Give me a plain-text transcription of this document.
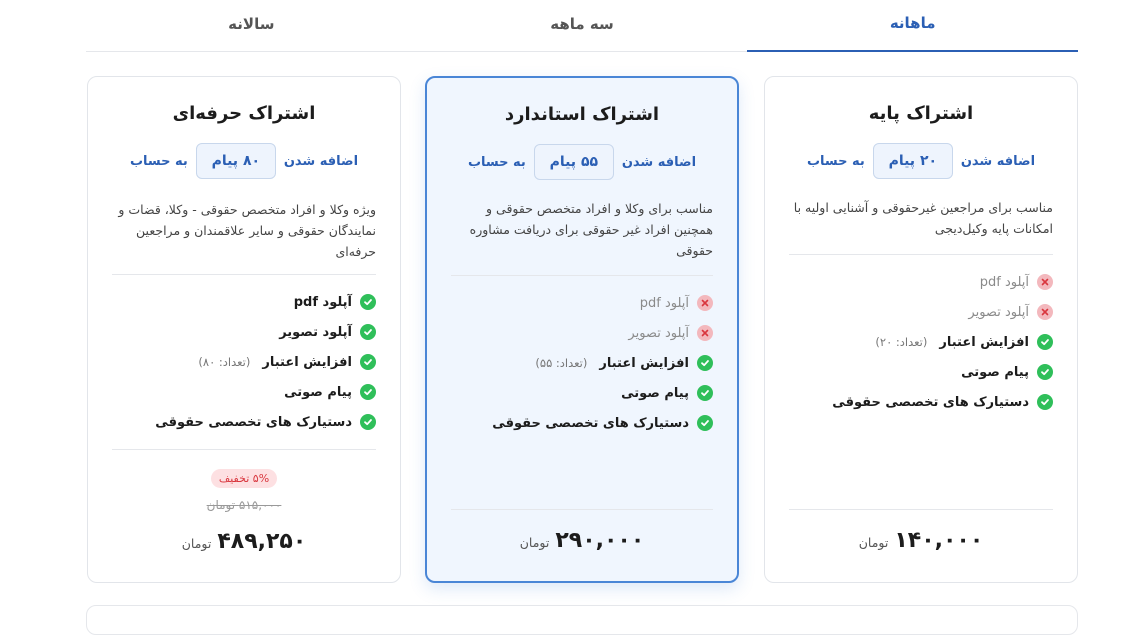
ماهانه
سه ماهه
سالانه
اشتراک حرفه‌ای
اضافه شدن
۸۰ پیام
به حساب
ویژه وکلا و افراد متخصص حقوقی - وکلا، قضات و نمایندگان حقوقی و سایر علاقمندان و مراجعین حرفه‌ای
آپلود pdf
آپلود تصویر
افزایش اعتبار
(تعداد: ۸۰)
پیام صوتی
دستیارک های تخصصی حقوقی
۵% تخفیف
۵۱۵,۰۰۰ تومان
۴۸۹,۲۵۰
تومان
اشتراک استاندارد
اضافه شدن
۵۵ پیام
به حساب
مناسب برای وکلا و افراد متخصص حقوقی و همچنین افراد غیر حقوقی برای دریافت مشاوره حقوقی
آپلود pdf
آپلود تصویر
افزایش اعتبار
(تعداد: ۵۵)
پیام صوتی
دستیارک های تخصصی حقوقی
۲۹۰,۰۰۰
تومان
اشتراک پایه
اضافه شدن
۲۰ پیام
به حساب
مناسب برای مراجعین غیرحقوقی و آشنایی اولیه با امکانات پایه وکیل‌دیجی
آپلود pdf
آپلود تصویر
افزایش اعتبار
(تعداد: ۲۰)
پیام صوتی
دستیارک های تخصصی حقوقی
۱۴۰,۰۰۰
تومان
